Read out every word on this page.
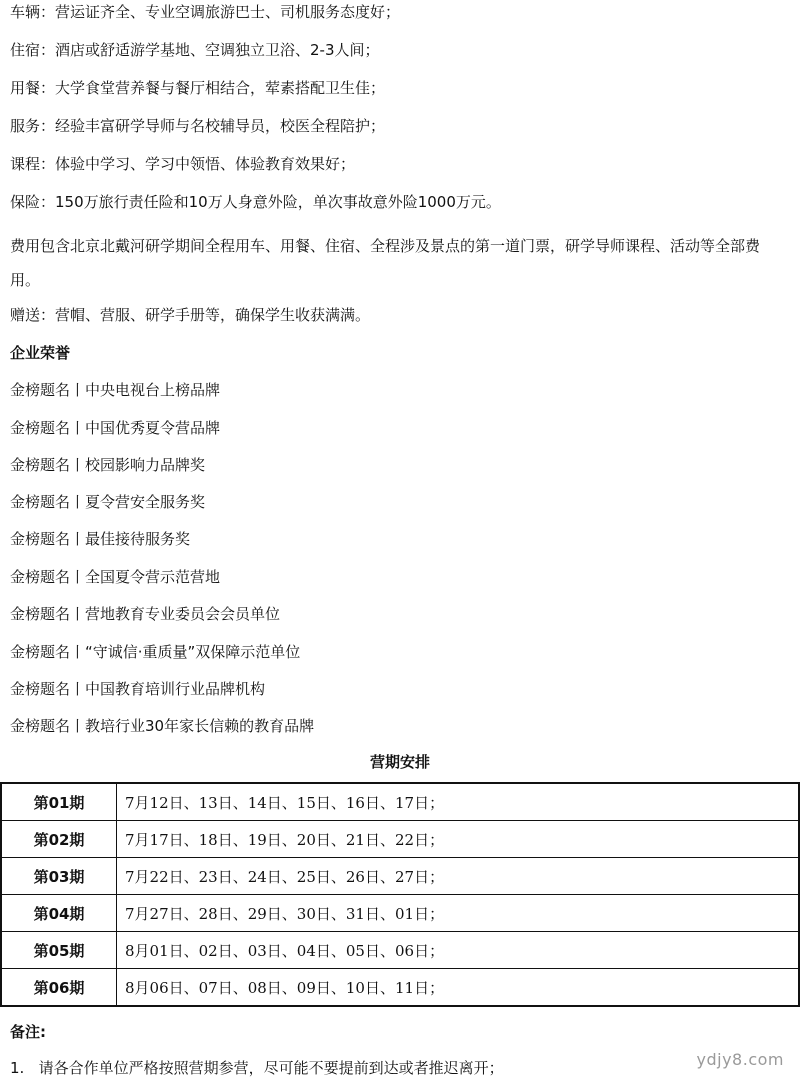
车辆：营运证齐全、专业空调旅游巴士、司机服务态度好；
住宿：酒店或舒适游学基地、空调独立卫浴、2-3人间；
用餐：大学食堂营养餐与餐厅相结合，荤素搭配卫生佳；
服务：经验丰富研学导师与名校辅导员，校医全程陪护；
课程：体验中学习、学习中领悟、体验教育效果好；
保险：150万旅行责任险和10万人身意外险，单次事故意外险1000万元。
费用包含北京北戴河研学期间全程用车、用餐、住宿、全程涉及景点的第一道门票，研学导师课程、活动等全部费用。
赠送：营帽、营服、研学手册等，确保学生收获满满。
企业荣誉
金榜题名丨中央电视台上榜品牌
金榜题名丨中国优秀夏令营品牌
金榜题名丨校园影响力品牌奖
金榜题名丨夏令营安全服务奖
金榜题名丨最佳接待服务奖
金榜题名丨全国夏令营示范营地
金榜题名丨营地教育专业委员会会员单位
金榜题名丨“守诚信·重质量”双保障示范单位
金榜题名丨中国教育培训行业品牌机构
金榜题名丨教培行业30年家长信赖的教育品牌
营期安排
第01期	7月12日、13日、14日、15日、16日、17日；
第02期	7月17日、18日、19日、20日、21日、22日；
第03期	7月22日、23日、24日、25日、26日、27日；
第04期	7月27日、28日、29日、30日、31日、01日；
第05期	8月01日、02日、03日、04日、05日、06日；
第06期	8月06日、07日、08日、09日、10日、11日；
备注:
1.   请各合作单位严格按照营期参营，尽可能不要提前到达或者推迟离开；	ydjy8.com
